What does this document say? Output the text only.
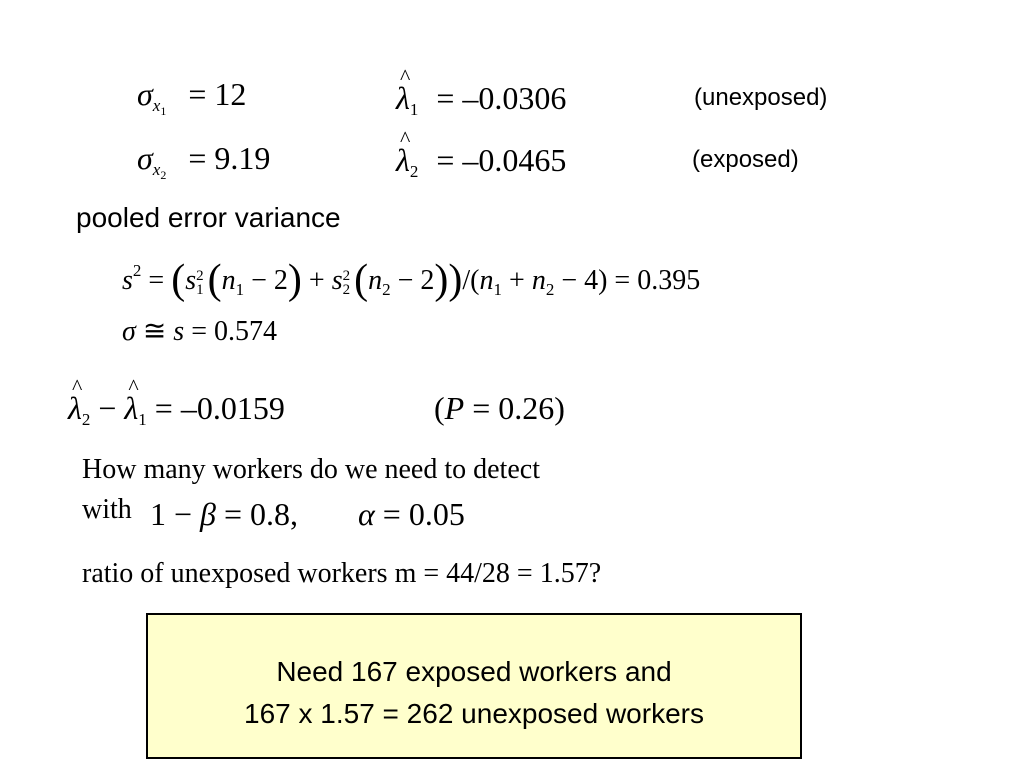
$\sigma_{x_1} = 12$	^ $\lambda_1 = -0.0306$	(unexposed)
$\sigma_{x_2} = 9.19$	^ $\lambda_2 = -0.0465$	(exposed)
pooled error variance
$s^2 = (s2$
$1(n_1 - 2) + s2$
$2(n_2 - 2))/(n_1 + n_2 - 4) = 0.395$
σ ≅ s = 0.574
^ $\lambda_2$ − ^ $\lambda_1 = -0.0159$	(P = 0.26)
How many workers do we need to detect
with 1 − β = 0.8, α = 0.05
ratio of unexposed workers m = 44/28 = 1.57?
Need 167 exposed workers and
167 x 1.57 = 262 unexposed workers
